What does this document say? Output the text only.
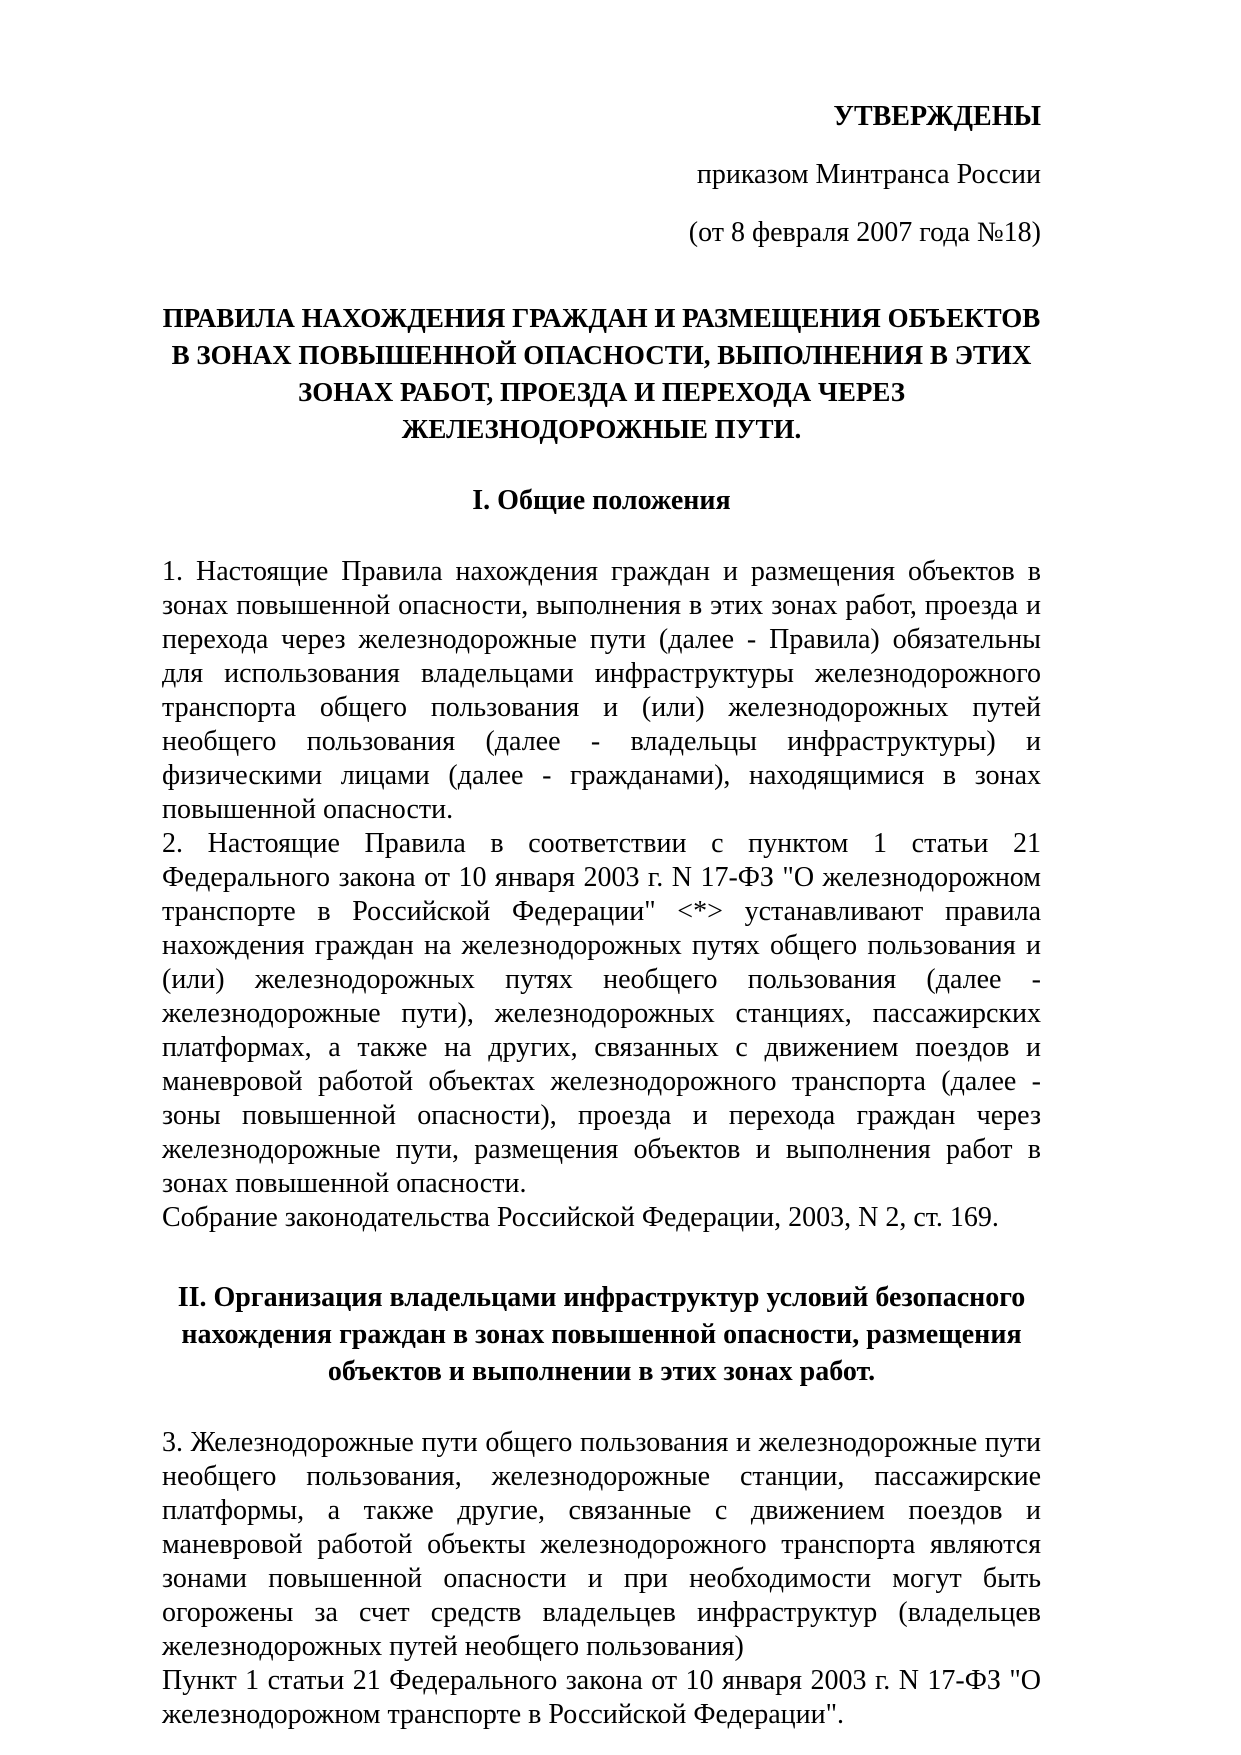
УТВЕРЖДЕНЫ

приказом Минтранса России

(от 8 февраля 2007 года №18)

ПРАВИЛА НАХОЖДЕНИЯ ГРАЖДАН И РАЗМЕЩЕНИЯ ОБЪЕКТОВ В ЗОНАХ ПОВЫШЕННОЙ ОПАСНОСТИ, ВЫПОЛНЕНИЯ В ЭТИХ ЗОНАХ РАБОТ, ПРОЕЗДА И ПЕРЕХОДА ЧЕРЕЗ ЖЕЛЕЗНОДОРОЖНЫЕ ПУТИ.
I. Общие положения

1. Настоящие Правила нахождения граждан и размещения объектов в зонах повышенной опасности, выполнения в этих зонах работ, проезда и перехода через железнодорожные пути (далее - Правила) обязательны для использования владельцами инфраструктуры железнодорожного транспорта общего пользования и (или) железнодорожных путей необщего пользования (далее - владельцы инфраструктуры) и физическими лицами (далее - гражданами), находящимися в зонах повышенной опасности.

2. Настоящие Правила в соответствии с пунктом 1 статьи 21 Федерального закона от 10 января 2003 г. N 17-ФЗ "О железнодорожном транспорте в Российской Федерации" <*> устанавливают правила нахождения граждан на железнодорожных путях общего пользования и (или) железнодорожных путях необщего пользования (далее - железнодорожные пути), железнодорожных станциях, пассажирских платформах, а также на других, связанных с движением поездов и маневровой работой объектах железнодорожного транспорта (далее - зоны повышенной опасности), проезда и перехода граждан через железнодорожные пути, размещения объектов и выполнения работ в зонах повышенной опасности.

Собрание законодательства Российской Федерации, 2003, N 2, ст. 169.

II. Организация владельцами инфраструктур условий безопасного нахождения граждан в зонах повышенной опасности, размещения объектов и выполнении в этих зонах работ.

3. Железнодорожные пути общего пользования и железнодорожные пути необщего пользования, железнодорожные станции, пассажирские платформы, а также другие, связанные с движением поездов и маневровой работой объекты железнодорожного транспорта являются зонами повышенной опасности и при необходимости могут быть огорожены за счет средств владельцев инфраструктур (владельцев железнодорожных путей необщего пользования)

Пункт 1 статьи 21 Федерального закона от 10 января 2003 г. N 17-ФЗ "О железнодорожном транспорте в Российской Федерации".
